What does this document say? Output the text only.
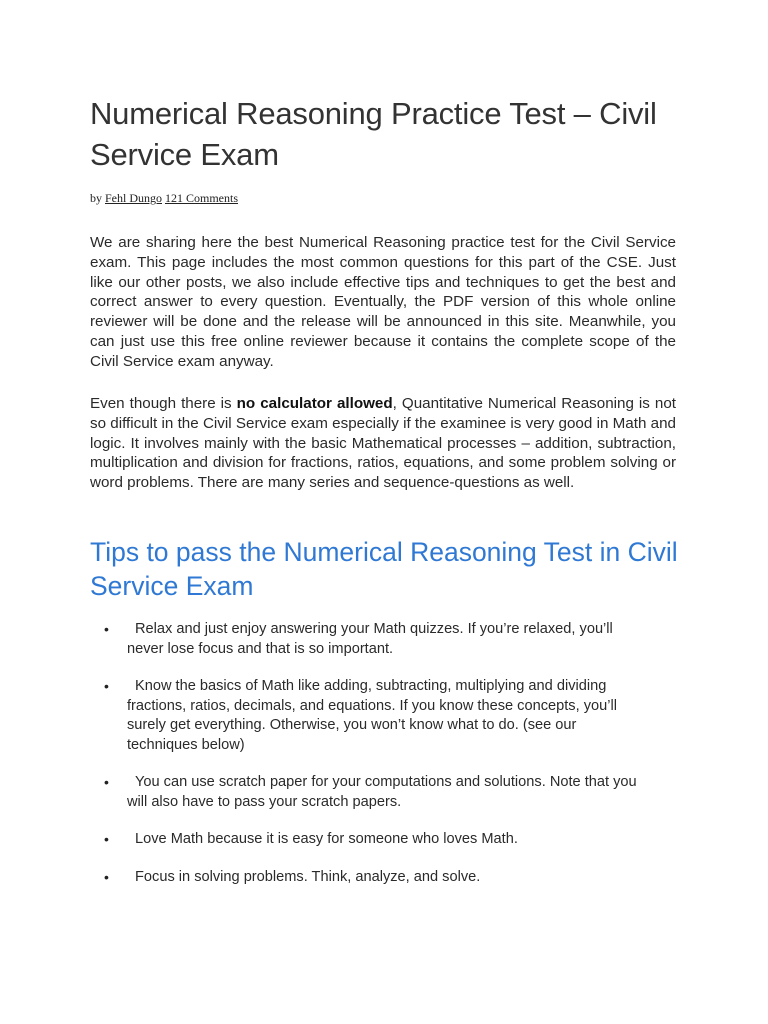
Numerical Reasoning Practice Test – Civil Service Exam
by Fehl Dungo 121 Comments

We are sharing here the best Numerical Reasoning practice test for the Civil Service exam. This page includes the most common questions for this part of the CSE. Just like our other posts, we also include effective tips and techniques to get the best and correct answer to every question. Eventually, the PDF version of this whole online reviewer will be done and the release will be announced in this site. Meanwhile, you can just use this free online reviewer because it contains the complete scope of the Civil Service exam anyway.

Even though there is no calculator allowed, Quantitative Numerical Reasoning is not so difficult in the Civil Service exam especially if the examinee is very good in Math and logic. It involves mainly with the basic Mathematical processes – addition, subtraction, multiplication and division for fractions, ratios, equations, and some problem solving or word problems. There are many series and sequence-questions as well.

Tips to pass the Numerical Reasoning Test in Civil Service Exam
•	Relax and just enjoy answering your Math quizzes. If you’re relaxed, you’ll never lose focus and that is so important.
•	Know the basics of Math like adding, subtracting, multiplying and dividing fractions, ratios, decimals, and equations. If you know these concepts, you’ll surely get everything. Otherwise, you won’t know what to do. (see our techniques below)
•	You can use scratch paper for your computations and solutions. Note that you will also have to pass your scratch papers.
•	Love Math because it is easy for someone who loves Math.
•	Focus in solving problems. Think, analyze, and solve.
